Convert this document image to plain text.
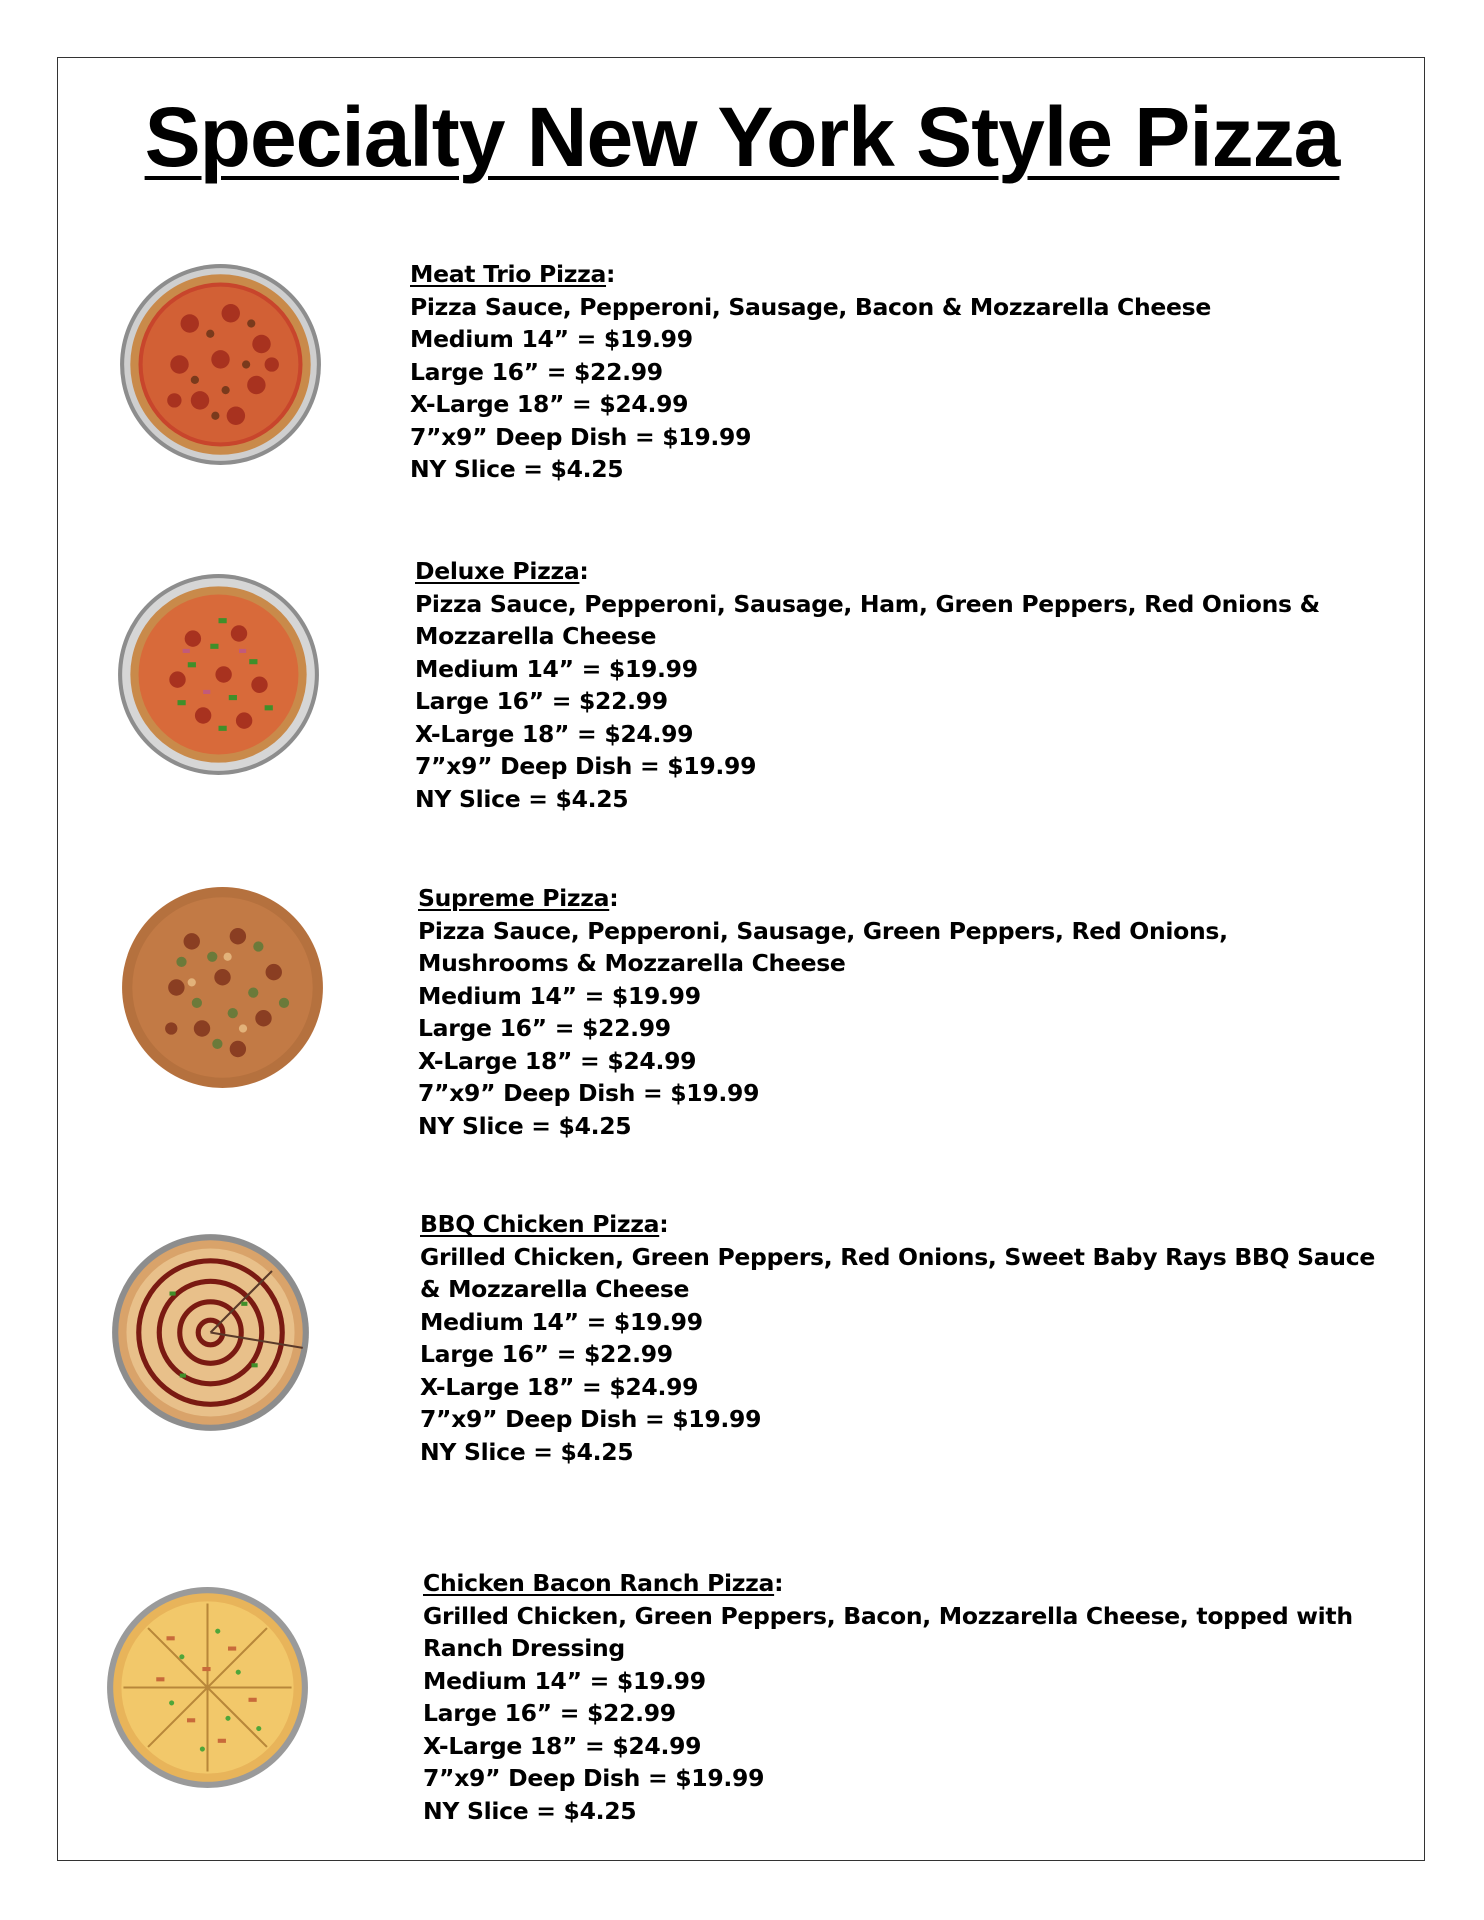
Specialty New York Style Pizza
Meat Trio Pizza:
Pizza Sauce, Pepperoni, Sausage, Bacon & Mozzarella Cheese
Medium 14” = $19.99
Large 16” = $22.99
X-Large 18” = $24.99
7”x9” Deep Dish = $19.99
NY Slice = $4.25
Deluxe Pizza:
Pizza Sauce, Pepperoni, Sausage, Ham, Green Peppers, Red Onions & Mozzarella Cheese
Medium 14” = $19.99
Large 16” = $22.99
X-Large 18” = $24.99
7”x9” Deep Dish = $19.99
NY Slice = $4.25
Supreme Pizza:
Pizza Sauce, Pepperoni, Sausage, Green Peppers, Red Onions, Mushrooms & Mozzarella Cheese
Medium 14” = $19.99
Large 16” = $22.99
X-Large 18” = $24.99
7”x9” Deep Dish = $19.99
NY Slice = $4.25
BBQ Chicken Pizza:
Grilled Chicken, Green Peppers, Red Onions, Sweet Baby Rays BBQ Sauce & Mozzarella Cheese
Medium 14” = $19.99
Large 16” = $22.99
X-Large 18” = $24.99
7”x9” Deep Dish = $19.99
NY Slice = $4.25
Chicken Bacon Ranch Pizza:
Grilled Chicken, Green Peppers, Bacon, Mozzarella Cheese, topped with Ranch Dressing
Medium 14” = $19.99
Large 16” = $22.99
X-Large 18” = $24.99
7”x9” Deep Dish = $19.99
NY Slice = $4.25
